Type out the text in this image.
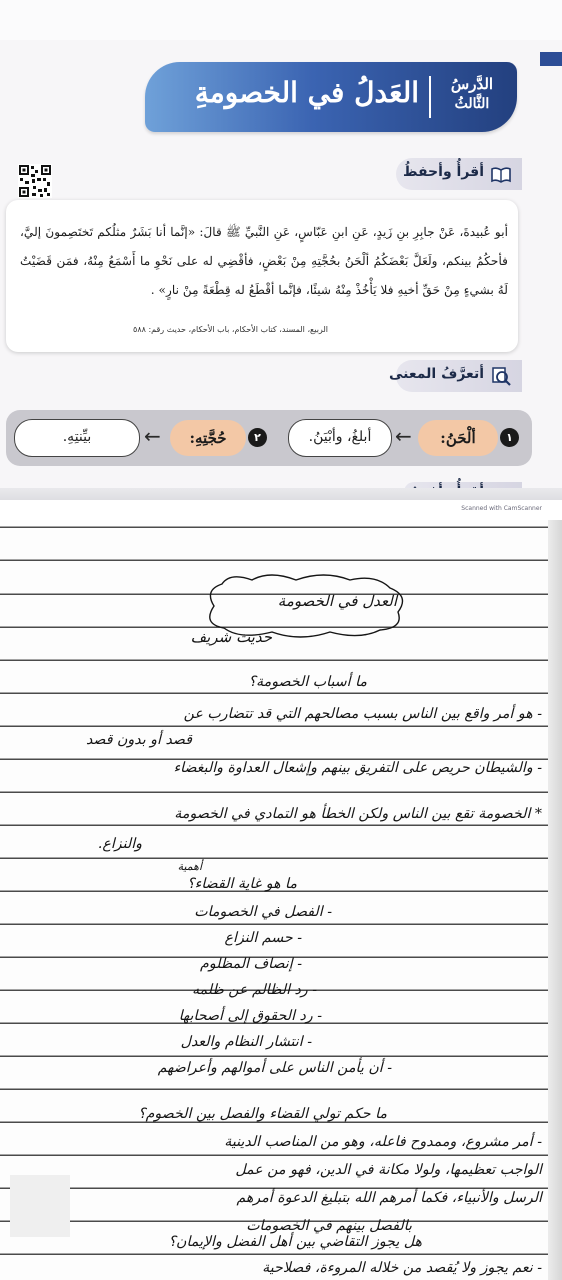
الدَّرسُ
الثَّالثُ
العَدلُ في الخصومةِ
أقرأُ وأحفظُ
أبو عُبيدةَ، عَنْ جابِرِ بنِ زَيدٍ، عَنِ ابنِ عَبّاسٍ، عَنِ النَّبيِّ ﷺ قالَ: «إنَّما أنا بَشَرٌ مثلُكم تَختَصِمونَ إليَّ، فأحكُمُ بينكم، ولَعَلَّ بَعْضَكُمُ ألْحَنُ بحُجَّتِهِ مِنْ بَعْضٍ، فأقْضِي له على نَحْوِ ما أَسْمَعُ مِنْهُ، فمَن قَضَيْتُ لَهُ بشيءٍ مِنْ حَقِّ أخيهِ فلا يَأْخُذْ مِنْهُ شيئًا، فإنَّما أقْطَعُ له قِطْعَةً مِنْ نارٍ» .
الربيع، المسند، كتاب الأحكام، باب الأحكام، حديث رقم: ٥٨٨
أتعرَّفُ المعنى
١
ألْحَنُ:
←
أبلغُ، وأبْيَنُ.
٢
حُجَّتِهِ:
←
بيِّنتِهِ.
Scanned with CamScanner
العدل في الخصومة
حديث شريف
ما أسباب الخصومة؟
- هو أمر واقع بين الناس بسبب مصالحهم التي قد تتضارب عن
قصد أو بدون قصد
- والشيطان حريص على التفريق بينهم وإشعال العداوة والبغضاء
* الخصومة تقع بين الناس ولكن الخطأ هو التمادي في الخصومة
والنزاع.
أهمية
ما هو غاية القضاء؟
- الفصل في الخصومات
- حسم النزاع
- إنصاف المظلوم
- رد الظالم عن ظلمه
- رد الحقوق إلى أصحابها
- انتشار النظام والعدل
- أن يأمن الناس على أموالهم وأعراضهم
ما حكم تولي القضاء والفصل بين الخصوم؟
- أمر مشروع، وممدوح فاعله، وهو من المناصب الدينية
الواجب تعظيمها، ولولا مكانة في الدين، فهو من عمل
الرسل والأنبياء، فكما أمرهم الله بتبليغ الدعوة أمرهم
بالفصل بينهم في الخصومات
هل يجوز التقاضي بين أهل الفضل والإيمان؟
- نعم يجوز ولا يُقصد من خلاله المروءة، فصلاحية
